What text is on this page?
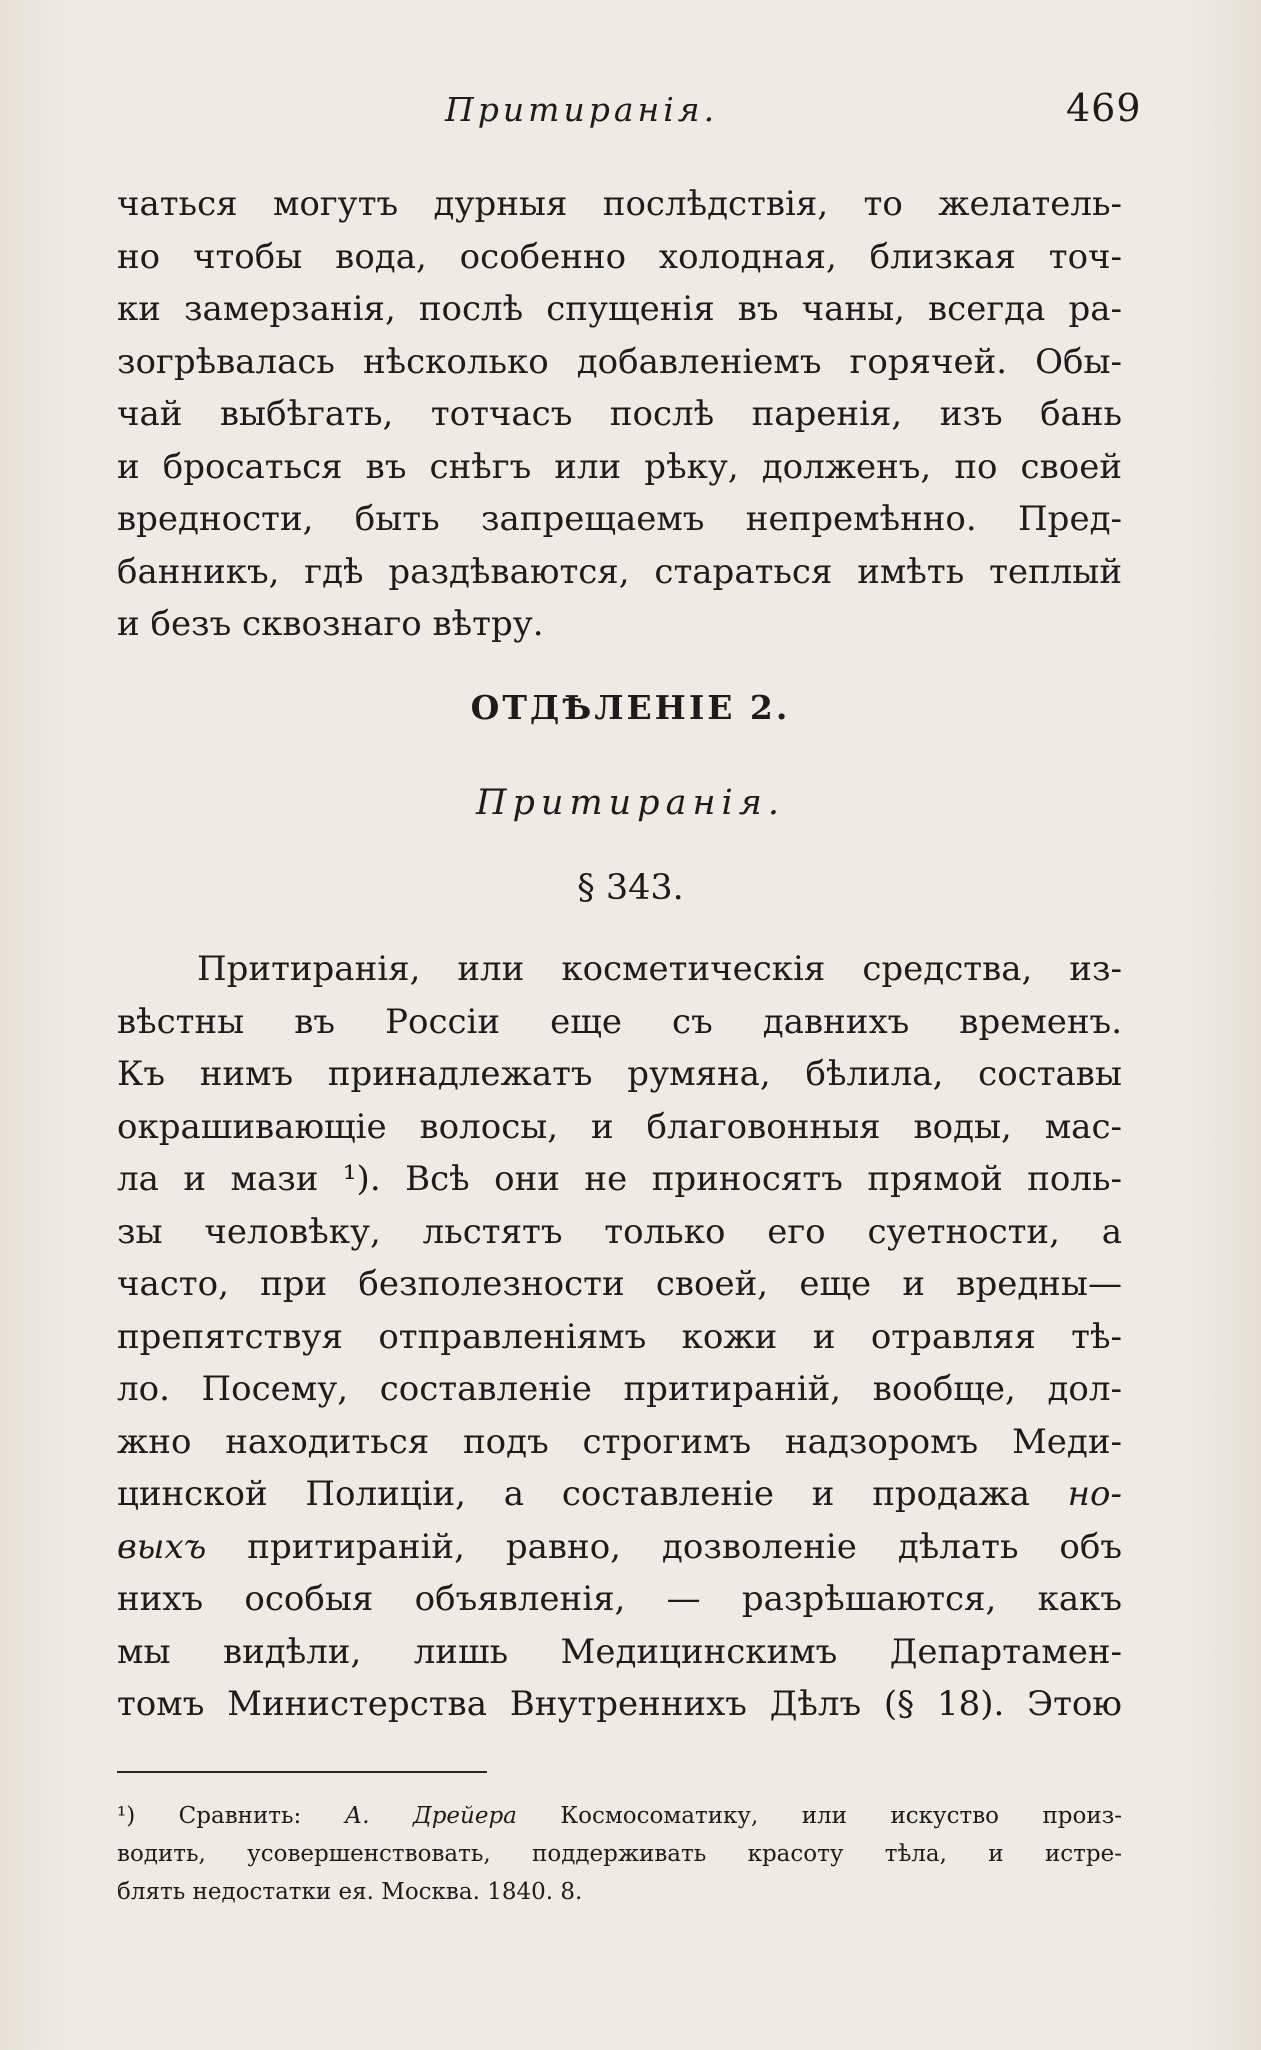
Притиранія.	469

чаться могутъ дурныя послѣдствія, то желатель-
но чтобы вода, особенно холодная, близкая точ-
ки замерзанія, послѣ спущенія въ чаны, всегда ра-
зогрѣвалась нѣсколько добавленіемъ горячей. Обы-
чай выбѣгать, тотчасъ послѣ паренія, изъ бань
и бросаться въ снѣгъ или рѣку, долженъ, по своей
вредности, быть запрещаемъ непремѣнно. Пред-
банникъ, гдѣ раздѣваются, стараться имѣть теплый
и безъ сквознаго вѣтру.

ОТДѢЛЕНІЕ 2.
Притиранія.
§ 343.

Притиранія, или косметическія средства, из-
вѣстны въ Россіи еще съ давнихъ временъ.
Къ нимъ принадлежатъ румяна, бѣлила, составы
окрашивающіе волосы, и благовонныя воды, мас-
ла и мази ¹). Всѣ они не приносятъ прямой поль-
зы человѣку, льстятъ только его суетности, а
часто, при безполезности своей, еще и вредны—
препятствуя отправленіямъ кожи и отравляя тѣ-
ло. Посему, составленіе притираній, вообще, дол-
жно находиться подъ строгимъ надзоромъ Меди-
цинской Полиціи, а составленіе и продажа но-
выхъ притираній, равно, дозволеніе дѣлать объ
нихъ особыя объявленія, — разрѣшаются, какъ
мы видѣли, лишь Медицинскимъ Департамен-
томъ Министерства Внутреннихъ Дѣлъ (§ 18). Этою

¹) Сравнить: А. Дрейера Космосоматику, или искуство произ-
водить, усовершенствовать, поддерживать красоту тѣла, и истре-
блять недостатки ея. Москва. 1840. 8.
